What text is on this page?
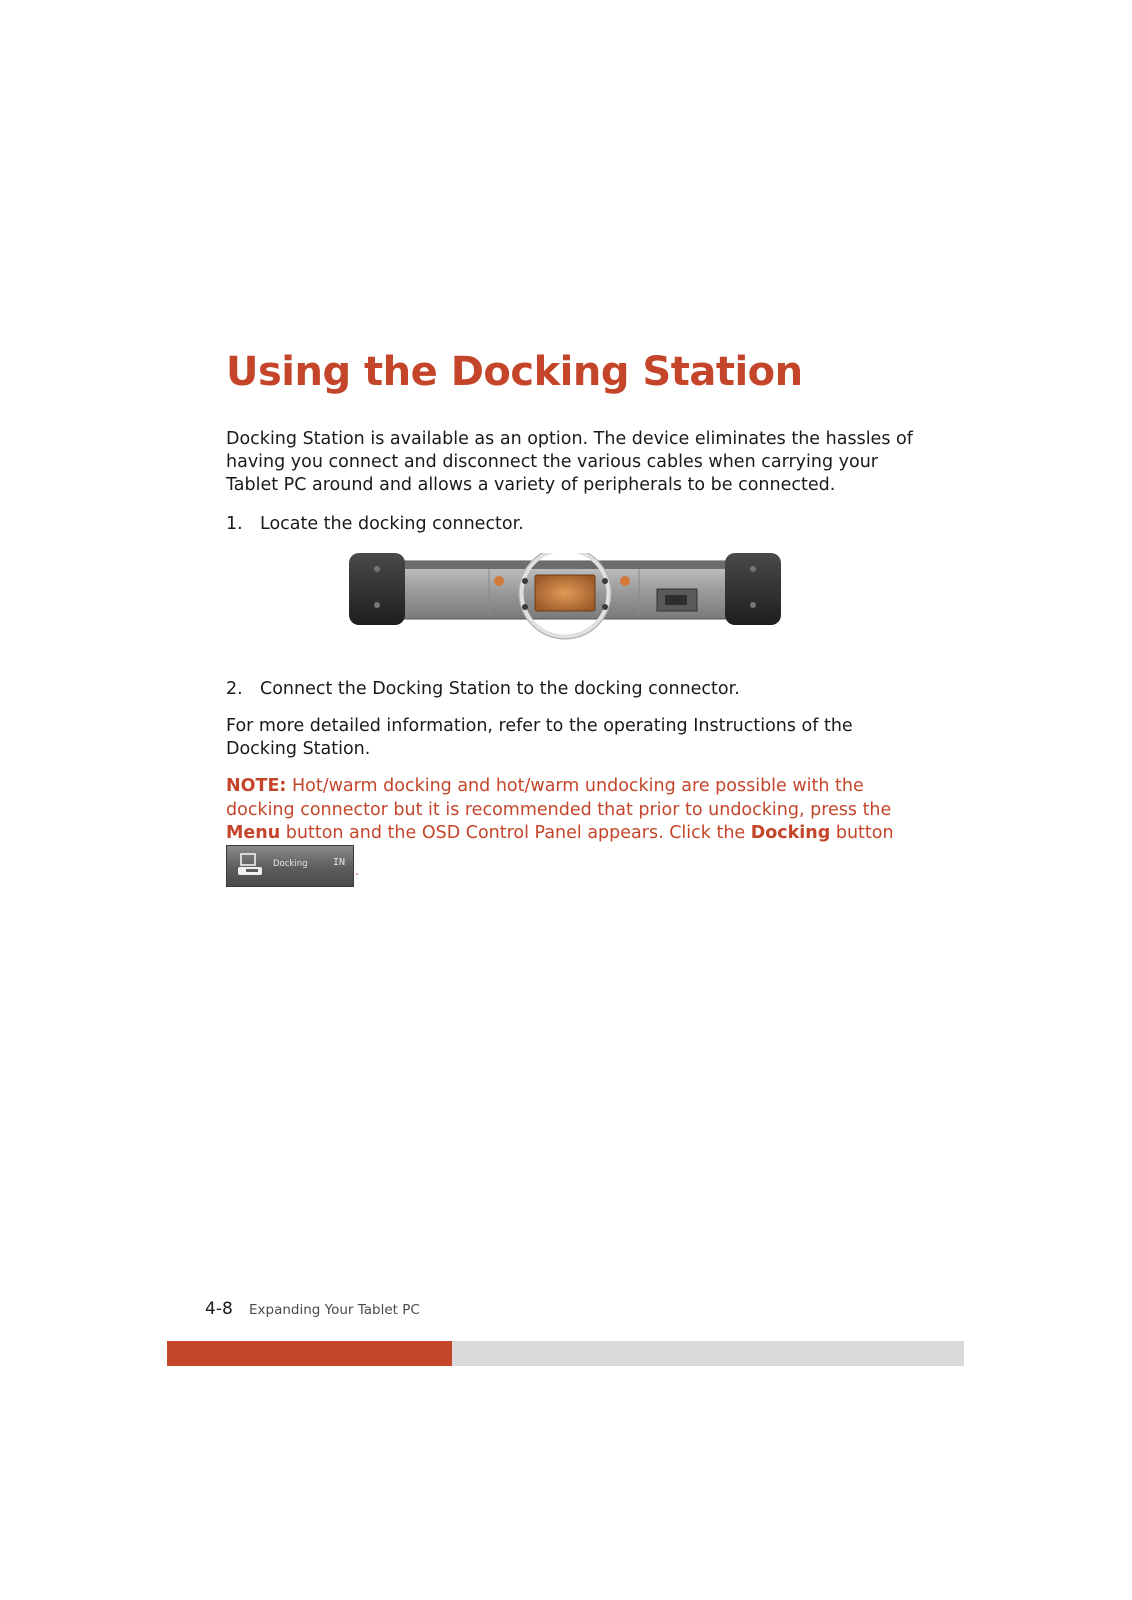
Using the Docking Station

Docking Station is available as an option. The device eliminates the hassles of having you connect and disconnect the various cables when carrying your Tablet PC around and allows a variety of peripherals to be connected.

1. Locate the docking connector.
2. Connect the Docking Station to the docking connector.

For more detailed information, refer to the operating Instructions of the Docking Station.

NOTE: Hot/warm docking and hot/warm undocking are possible with the docking connector but it is recommended that prior to undocking, press the Menu button and the OSD Control Panel appears. Click the Docking button

Docking	IN
.
4-8 Expanding Your Tablet PC
